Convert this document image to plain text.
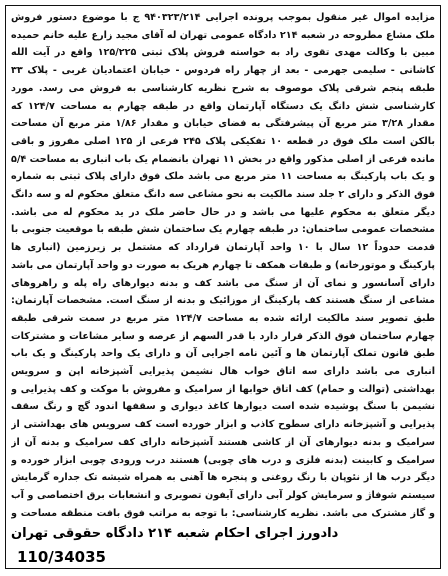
مزایده اموال غیر منقول بموجب پرونده اجرایی ۹۴۰۳۲۳/۲۱۴ ج با موضوع دستور فروش ملک مشاع مطروحه در شعبه ۲۱۴ دادگاه عمومی تهران له آقای مجید زارع علیه خانم حمیده مبین با وکالت مهدی تقوی راد به خواسته فروش پلاک ثبتی ۱۲۵/۲۲۵ واقع در آیت الله کاشانی - سلیمی جهرمی - بعد از چهار راه فردوس - خیابان اعتمادیان غربی - پلاک ۳۳ طبقه پنجم شرقی پلاک موصوف به شرح نظریه کارشناسی به فروش می رسد. مورد کارشناسی شش دانگ یک دستگاه آپارتمان واقع در طبقه چهارم به مساحت ۱۲۴/۷ که مقدار ۳/۲۸ متر مربع آن پیشرفتگی به فضای خیابان و مقدار ۱/۸۶ متر مربع آن مساحت بالکن است ملک فوق در قطعه ۱۰ تفکیکی پلاک ۲۴۵ فرعی از ۱۲۵ اصلی مفروز و باقی مانده فرعی از اصلی مذکور واقع در بخش ۱۱ تهران بانضمام یک باب انباری به مساحت ۵/۴ و یک باب پارکینگ به مساحت ۱۱ متر مربع می باشد ملک فوق دارای پلاک ثبتی به شماره فوق الذکر و دارای ۲ جلد سند مالکیت به نحو مشاعی سه دانگ متعلق محکوم له و سه دانگ دیگر متعلق به محکوم علیها می باشد و در حال حاضر ملک در ید محکوم له می باشد. مشخصات عمومی ساختمان: در طبقه چهارم یک ساختمان شش طبقه با موقعیت جنوبی با قدمت حدوداً ۱۲ سال با ۱۰ واحد آپارتمان قرارداد که مشتمل بر زیرزمین (انباری ها پارکینگ و موتورخانه) و طبقات همکف تا چهارم هریک به صورت دو واحد آپارتمان می باشد دارای آسانسور و نمای آن از سنگ می باشد کف و بدنه دیوارهای راه پله و راهروهای مشاعی از سنگ هستند کف پارکینگ از موزائیک و بدنه از سنگ است. مشخصات آپارتمان: طبق تصویر سند مالکیت ارائه شده به مساحت ۱۲۴/۷ متر مربع در سمت شرقی طبقه چهارم ساختمان فوق الذکر قرار دارد با قدر السهم از عرصه و سایر مشاعات و مشترکات طبق قانون تملک آپارتمان ها و آئین نامه اجرایی آن و دارای یک واحد پارکینگ و یک باب انباری می باشد دارای سه اتاق خواب هال نشیمن پذیرایی آشپزخانه اپن و سرویس بهداشتی (توالت و حمام) کف اتاق خوابها از سرامیک و مفروش با موکت و کف پذیرایی و نشیمن با سنگ پوشیده شده است دیوارها کاغذ دیواری و سقفها اندود گچ و رنگ سقف پذیرایی و آشپزخانه دارای سطوح کاذب و ابزار خورده است کف سرویس های بهداشتی از سرامیک و بدنه دیوارهای آن از کاشی هستند آشپزخانه دارای کف سرامیک و بدنه آن از سرامیک و کابینت (بدنه فلزی و درب های چوبی) هستند درب ورودی چوبی ابزار خورده و دیگر درب ها از نئوپان با رنگ روغنی و پنجره ها آهنی به همراه شیشه تک جداره گرمایش سیستم شوفاژ و سرمایش کولر آبی دارای آیفون تصویری و انشعابات برق اختصاصی و آب و گاز مشترک می باشد. نظریه کارشناسی: با توجه به مراتب فوق بافت منطقه مساحت و
دادورز اجرای احکام شعبه ۲۱۴ دادگاه حقوقی تهران
110/34035
